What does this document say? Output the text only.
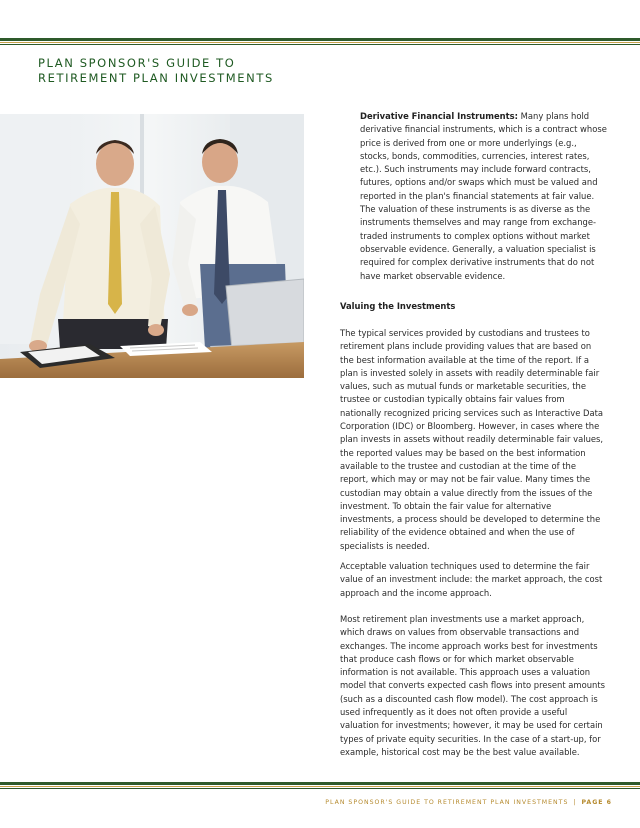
PLAN SPONSOR'S GUIDE TO
RETIREMENT PLAN INVESTMENTS
Derivative Financial Instruments: Many plans hold derivative financial instruments, which is a contract whose price is derived from one or more underlyings (e.g., stocks, bonds, commodities, currencies, interest rates, etc.). Such instruments may include forward contracts, futures, options and/or swaps which must be valued and reported in the plan's financial statements at fair value. The valuation of these instruments is as diverse as the instruments themselves and may range from exchange-traded instruments to complex options without market observable evidence. Generally, a valuation specialist is required for complex derivative instruments that do not have market observable evidence.
Valuing the Investments

The typical services provided by custodians and trustees to retirement plans include providing values that are based on the best information available at the time of the report. If a plan is invested solely in assets with readily determinable fair values, such as mutual funds or marketable securities, the trustee or custodian typically obtains fair values from nationally recognized pricing services such as Interactive Data Corporation (IDC) or Bloomberg. However, in cases where the plan invests in assets without readily determinable fair values, the reported values may be based on the best information available to the trustee and custodian at the time of the report, which may or may not be fair value. Many times the custodian may obtain a value directly from the issues of the investment. To obtain the fair value for alternative investments, a process should be developed to determine the reliability of the evidence obtained and when the use of specialists is needed.

Acceptable valuation techniques used to determine the fair value of an investment include: the market approach, the cost approach and the income approach.

Most retirement plan investments use a market approach, which draws on values from observable transactions and exchanges. The income approach works best for investments that produce cash flows or for which market observable information is not available. This approach uses a valuation model that converts expected cash flows into present amounts (such as a discounted cash flow model). The cost approach is used infrequently as it does not often provide a useful valuation for investments; however, it may be used for certain types of private equity securities. In the case of a start-up, for example, historical cost may be the best value available.

PLAN SPONSOR'S GUIDE TO RETIREMENT PLAN INVESTMENTS | PAGE 6
